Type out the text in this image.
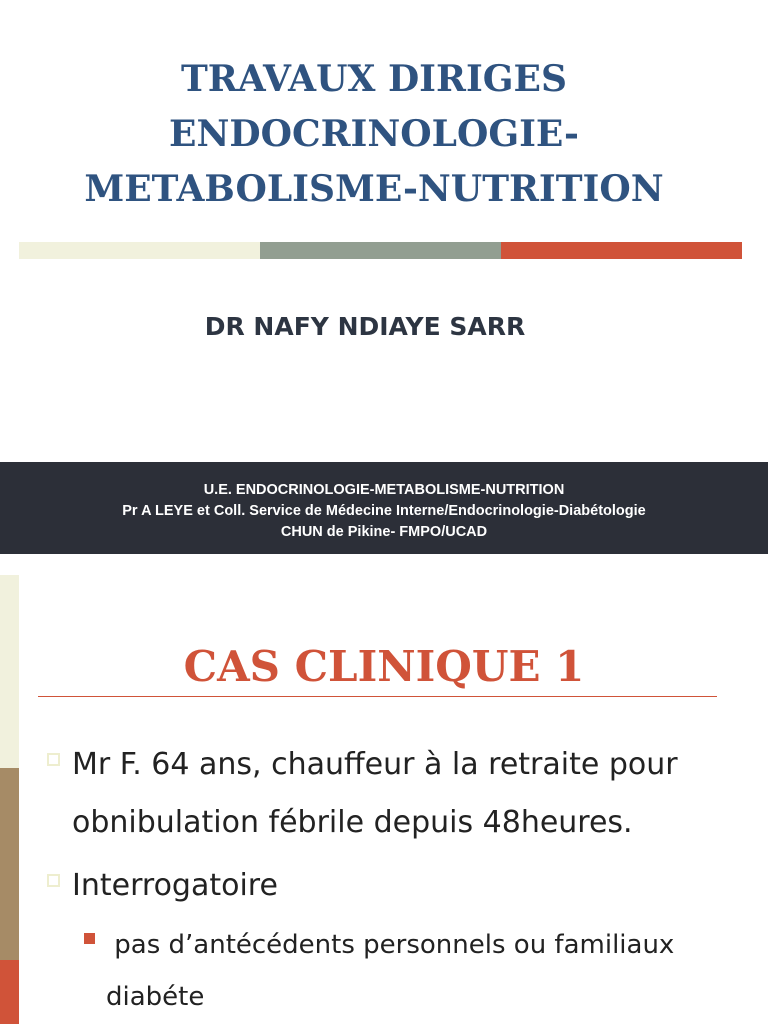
TRAVAUX DIRIGES
ENDOCRINOLOGIE-
METABOLISME-NUTRITION
DR NAFY NDIAYE SARR
U.E. ENDOCRINOLOGIE-METABOLISME-NUTRITION
Pr A LEYE et Coll. Service de Médecine Interne/Endocrinologie-Diabétologie
CHUN de Pikine- FMPO/UCAD
CAS CLINIQUE 1
Mr F. 64 ans, chauffeur à la retraite pour
obnibulation fébrile depuis 48heures.
Interrogatoire
pas d’antécédents personnels ou familiaux
diabéte
